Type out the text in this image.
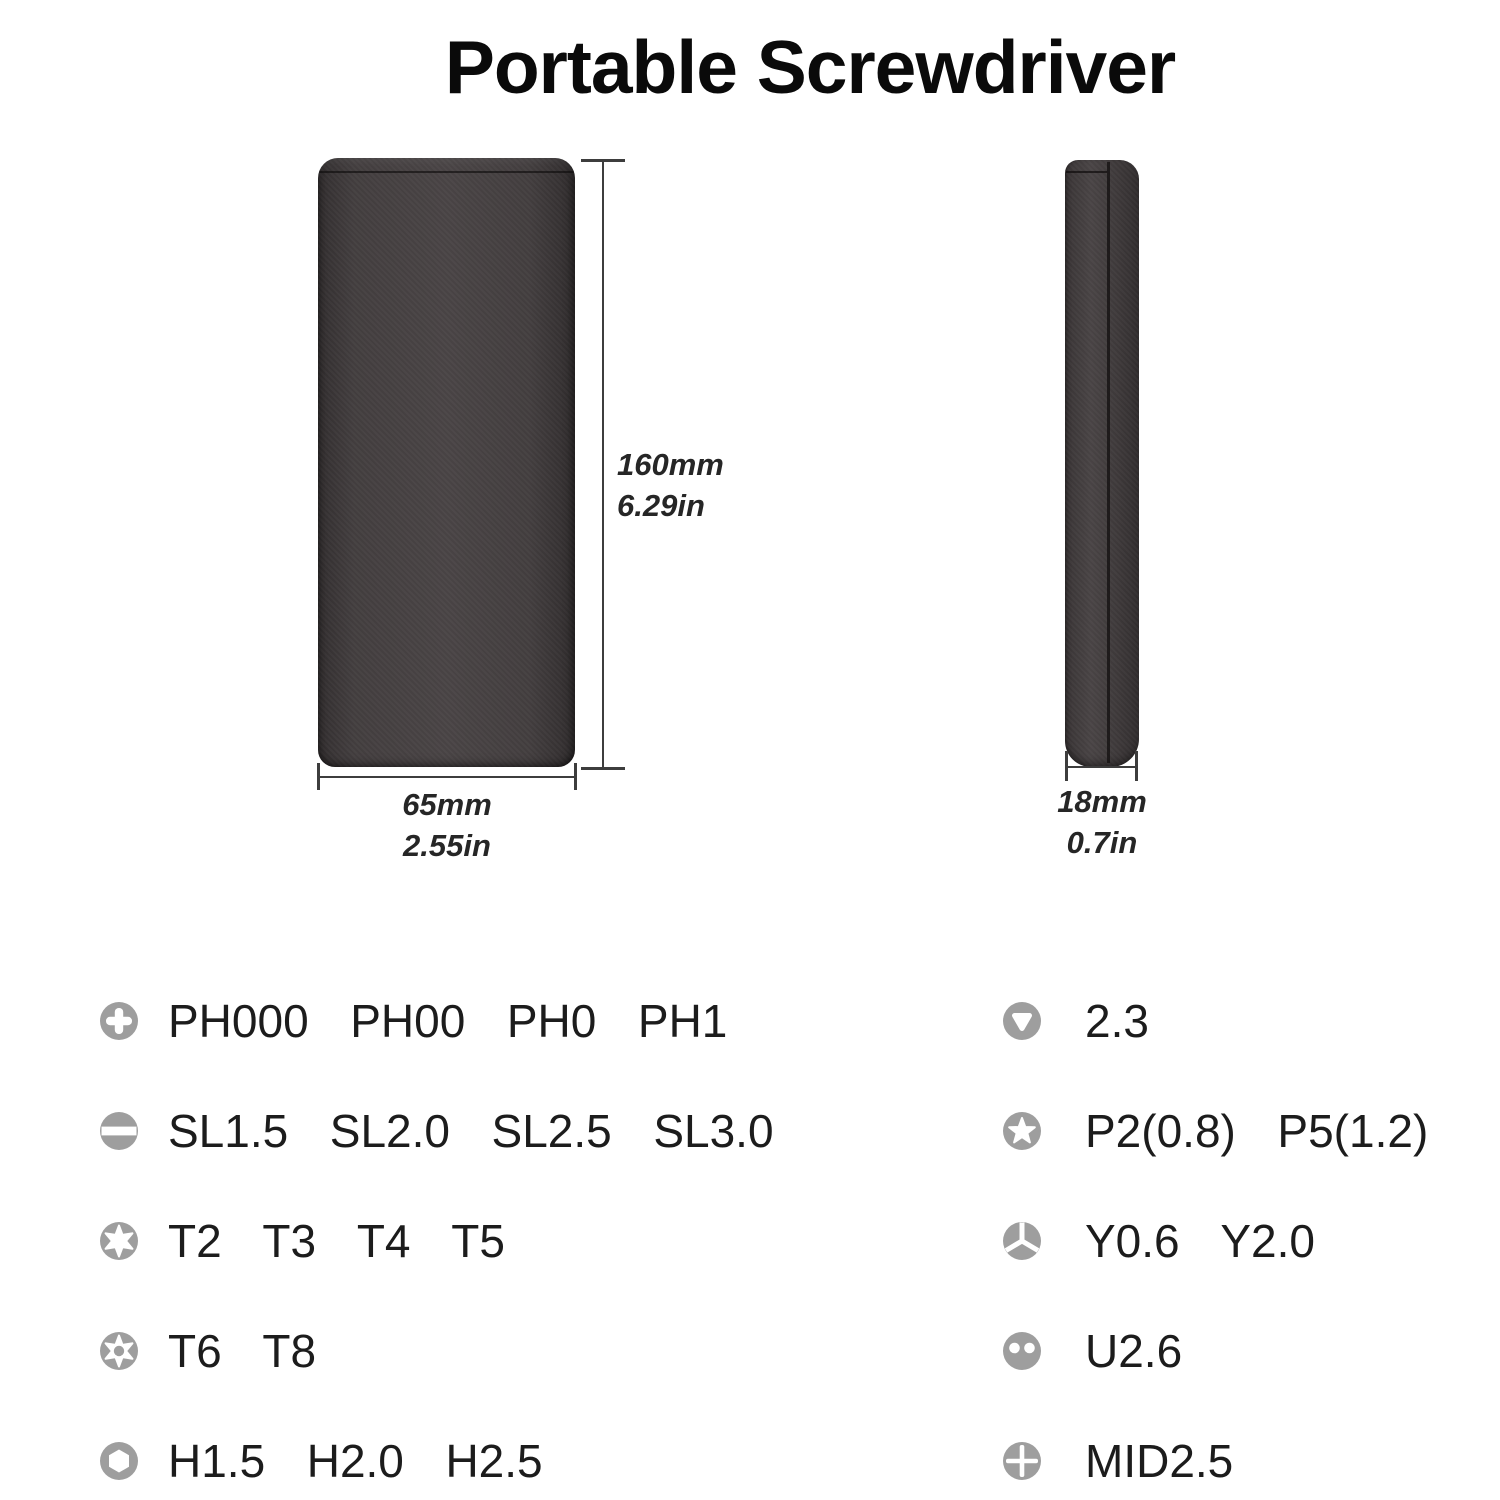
Portable Screwdriver
160mm
6.29in
65mm
2.55in
18mm
0.7in
PH000  PH00  PH0  PH1
SL1.5  SL2.0  SL2.5  SL3.0
T2  T3  T4  T5
T6  T8
H1.5  H2.0  H2.5
2.3
P2(0.8)  P5(1.2)
Y0.6  Y2.0
U2.6
MID2.5
